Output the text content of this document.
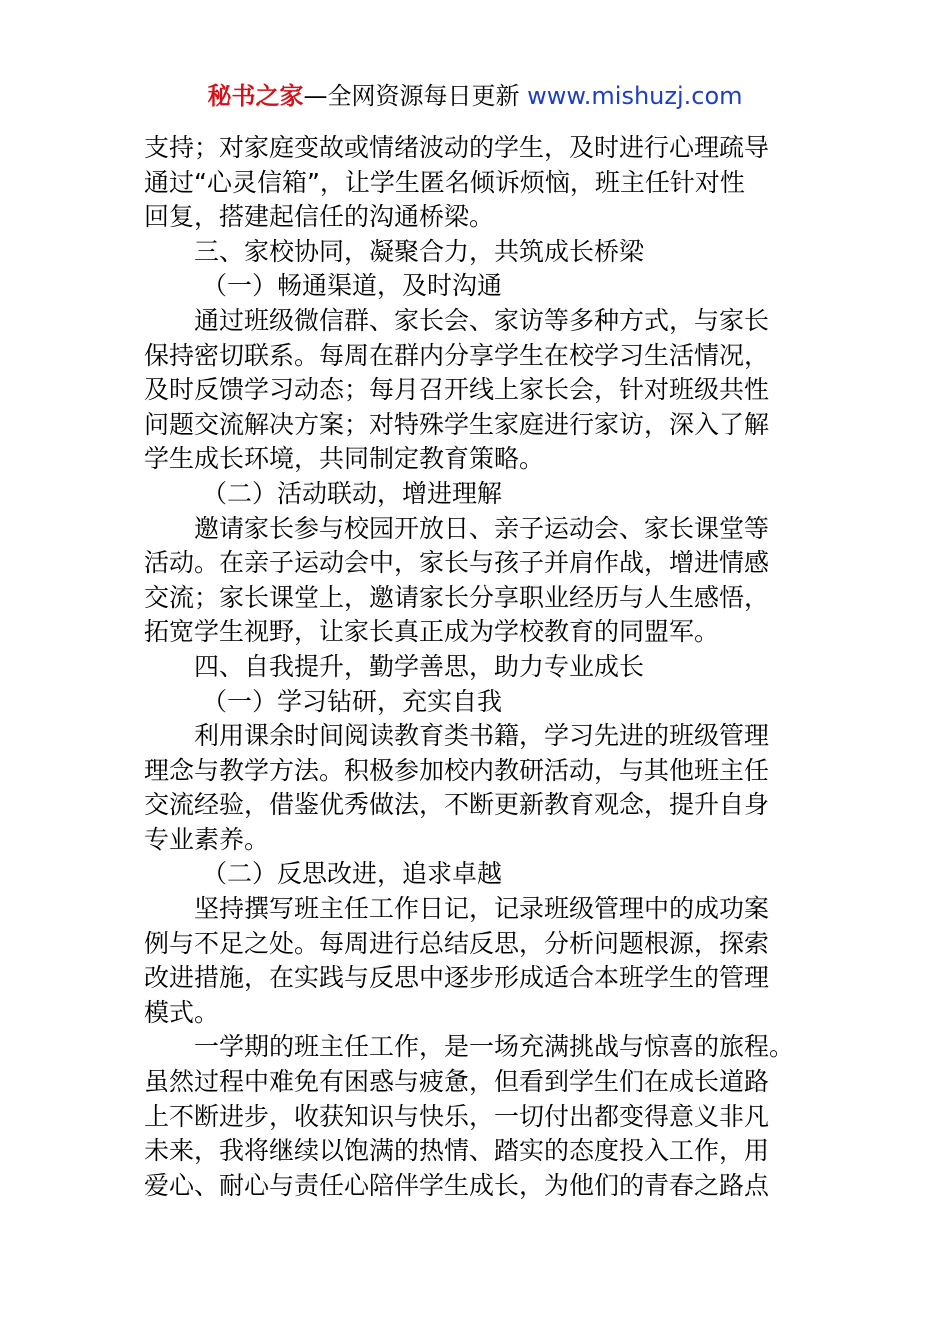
秘书之家—全网资源每日更新 www.mishuzj.com
支持；对家庭变故或情绪波动的学生，及时进行心理疏导
通过“心灵信箱”，让学生匿名倾诉烦恼，班主任针对性
回复，搭建起信任的沟通桥梁。
三、家校协同，凝聚合力，共筑成长桥梁
（一）畅通渠道，及时沟通
通过班级微信群、家长会、家访等多种方式，与家长
保持密切联系。每周在群内分享学生在校学习生活情况，
及时反馈学习动态；每月召开线上家长会，针对班级共性
问题交流解决方案；对特殊学生家庭进行家访，深入了解
学生成长环境，共同制定教育策略。
（二）活动联动，增进理解
邀请家长参与校园开放日、亲子运动会、家长课堂等
活动。在亲子运动会中，家长与孩子并肩作战，增进情感
交流；家长课堂上，邀请家长分享职业经历与人生感悟，
拓宽学生视野，让家长真正成为学校教育的同盟军。
四、自我提升，勤学善思，助力专业成长
（一）学习钻研，充实自我
利用课余时间阅读教育类书籍，学习先进的班级管理
理念与教学方法。积极参加校内教研活动，与其他班主任
交流经验，借鉴优秀做法，不断更新教育观念，提升自身
专业素养。
（二）反思改进，追求卓越
坚持撰写班主任工作日记，记录班级管理中的成功案
例与不足之处。每周进行总结反思，分析问题根源，探索
改进措施，在实践与反思中逐步形成适合本班学生的管理
模式。
一学期的班主任工作，是一场充满挑战与惊喜的旅程。
虽然过程中难免有困惑与疲惫，但看到学生们在成长道路
上不断进步，收获知识与快乐，一切付出都变得意义非凡
未来，我将继续以饱满的热情、踏实的态度投入工作，用
爱心、耐心与责任心陪伴学生成长，为他们的青春之路点
